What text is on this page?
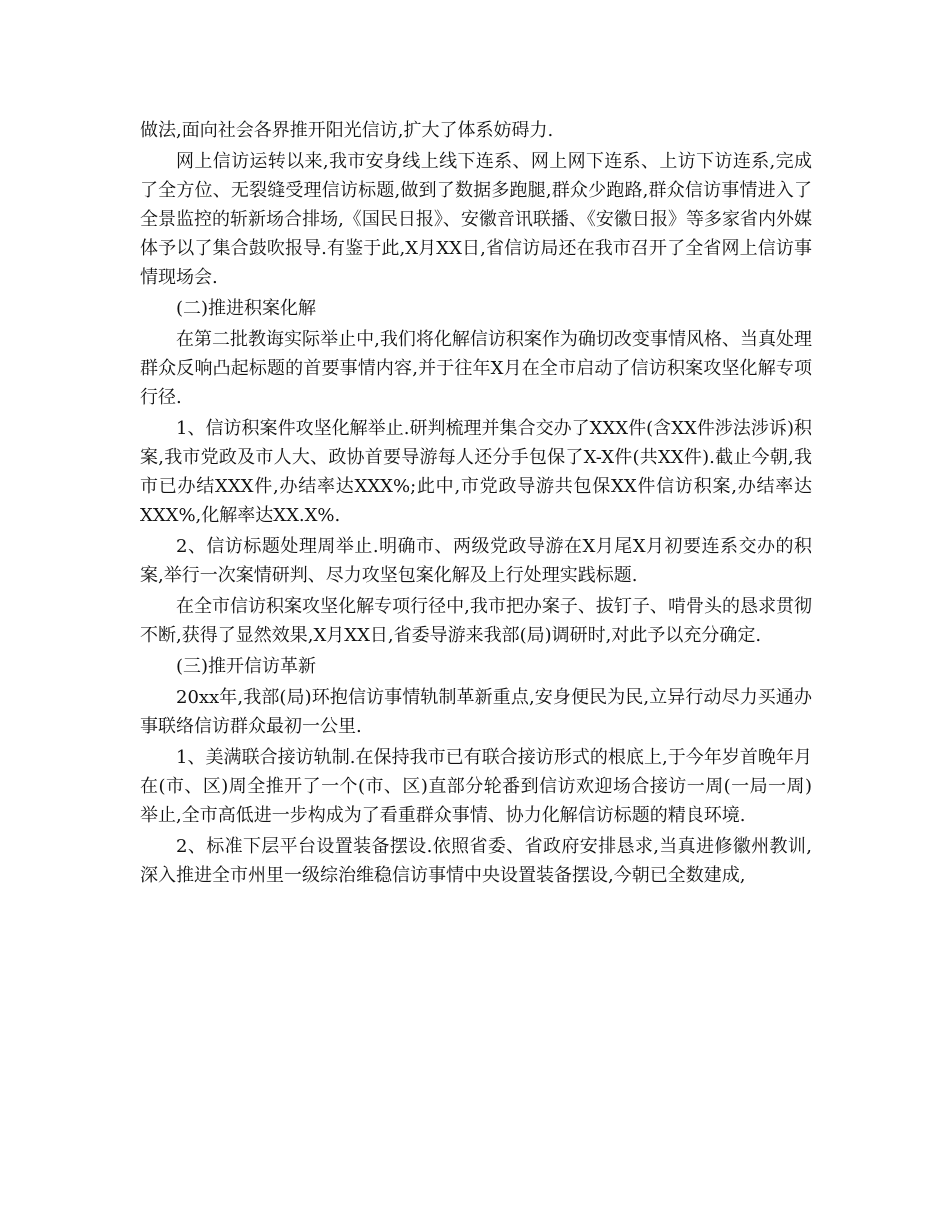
做法,面向社会各界推开阳光信访,扩大了体系妨碍力.

网上信访运转以来,我市安身线上线下连系、网上网下连系、上访下访连系,完成了全方位、无裂缝受理信访标题,做到了数据多跑腿,群众少跑路,群众信访事情进入了全景监控的斩新场合排场,《国民日报》、安徽音讯联播、《安徽日报》等多家省内外媒体予以了集合鼓吹报导.有鉴于此,X月XX日,省信访局还在我市召开了全省网上信访事情现场会.

(二)推进积案化解

在第二批教诲实际举止中,我们将化解信访积案作为确切改变事情风格、当真处理群众反响凸起标题的首要事情内容,并于往年X月在全市启动了信访积案攻坚化解专项行径.

1、信访积案件攻坚化解举止.研判梳理并集合交办了XXX件(含XX件涉法涉诉)积案,我市党政及市人大、政协首要导游每人还分手包保了X-X件(共XX件).截止今朝,我市已办结XXX件,办结率达XXX%;此中,市党政导游共包保XX件信访积案,办结率达XXX%,化解率达XX.X%.

2、信访标题处理周举止.明确市、两级党政导游在X月尾X月初要连系交办的积案,举行一次案情研判、尽力攻坚包案化解及上行处理实践标题.

在全市信访积案攻坚化解专项行径中,我市把办案子、拔钉子、啃骨头的恳求贯彻不断,获得了显然效果,X月XX日,省委导游来我部(局)调研时,对此予以充分确定.

(三)推开信访革新

20xx年,我部(局)环抱信访事情轨制革新重点,安身便民为民,立异行动尽力买通办事联络信访群众最初一公里.

1、美满联合接访轨制.在保持我市已有联合接访形式的根底上,于今年岁首晚年月在(市、区)周全推开了一个(市、区)直部分轮番到信访欢迎场合接访一周(一局一周)举止,全市高低进一步构成为了看重群众事情、协力化解信访标题的精良环境.

2、标准下层平台设置装备摆设.依照省委、省政府安排恳求,当真进修徽州教训,深入推进全市州里一级综治维稳信访事情中央设置装备摆设,今朝已全数建成,
